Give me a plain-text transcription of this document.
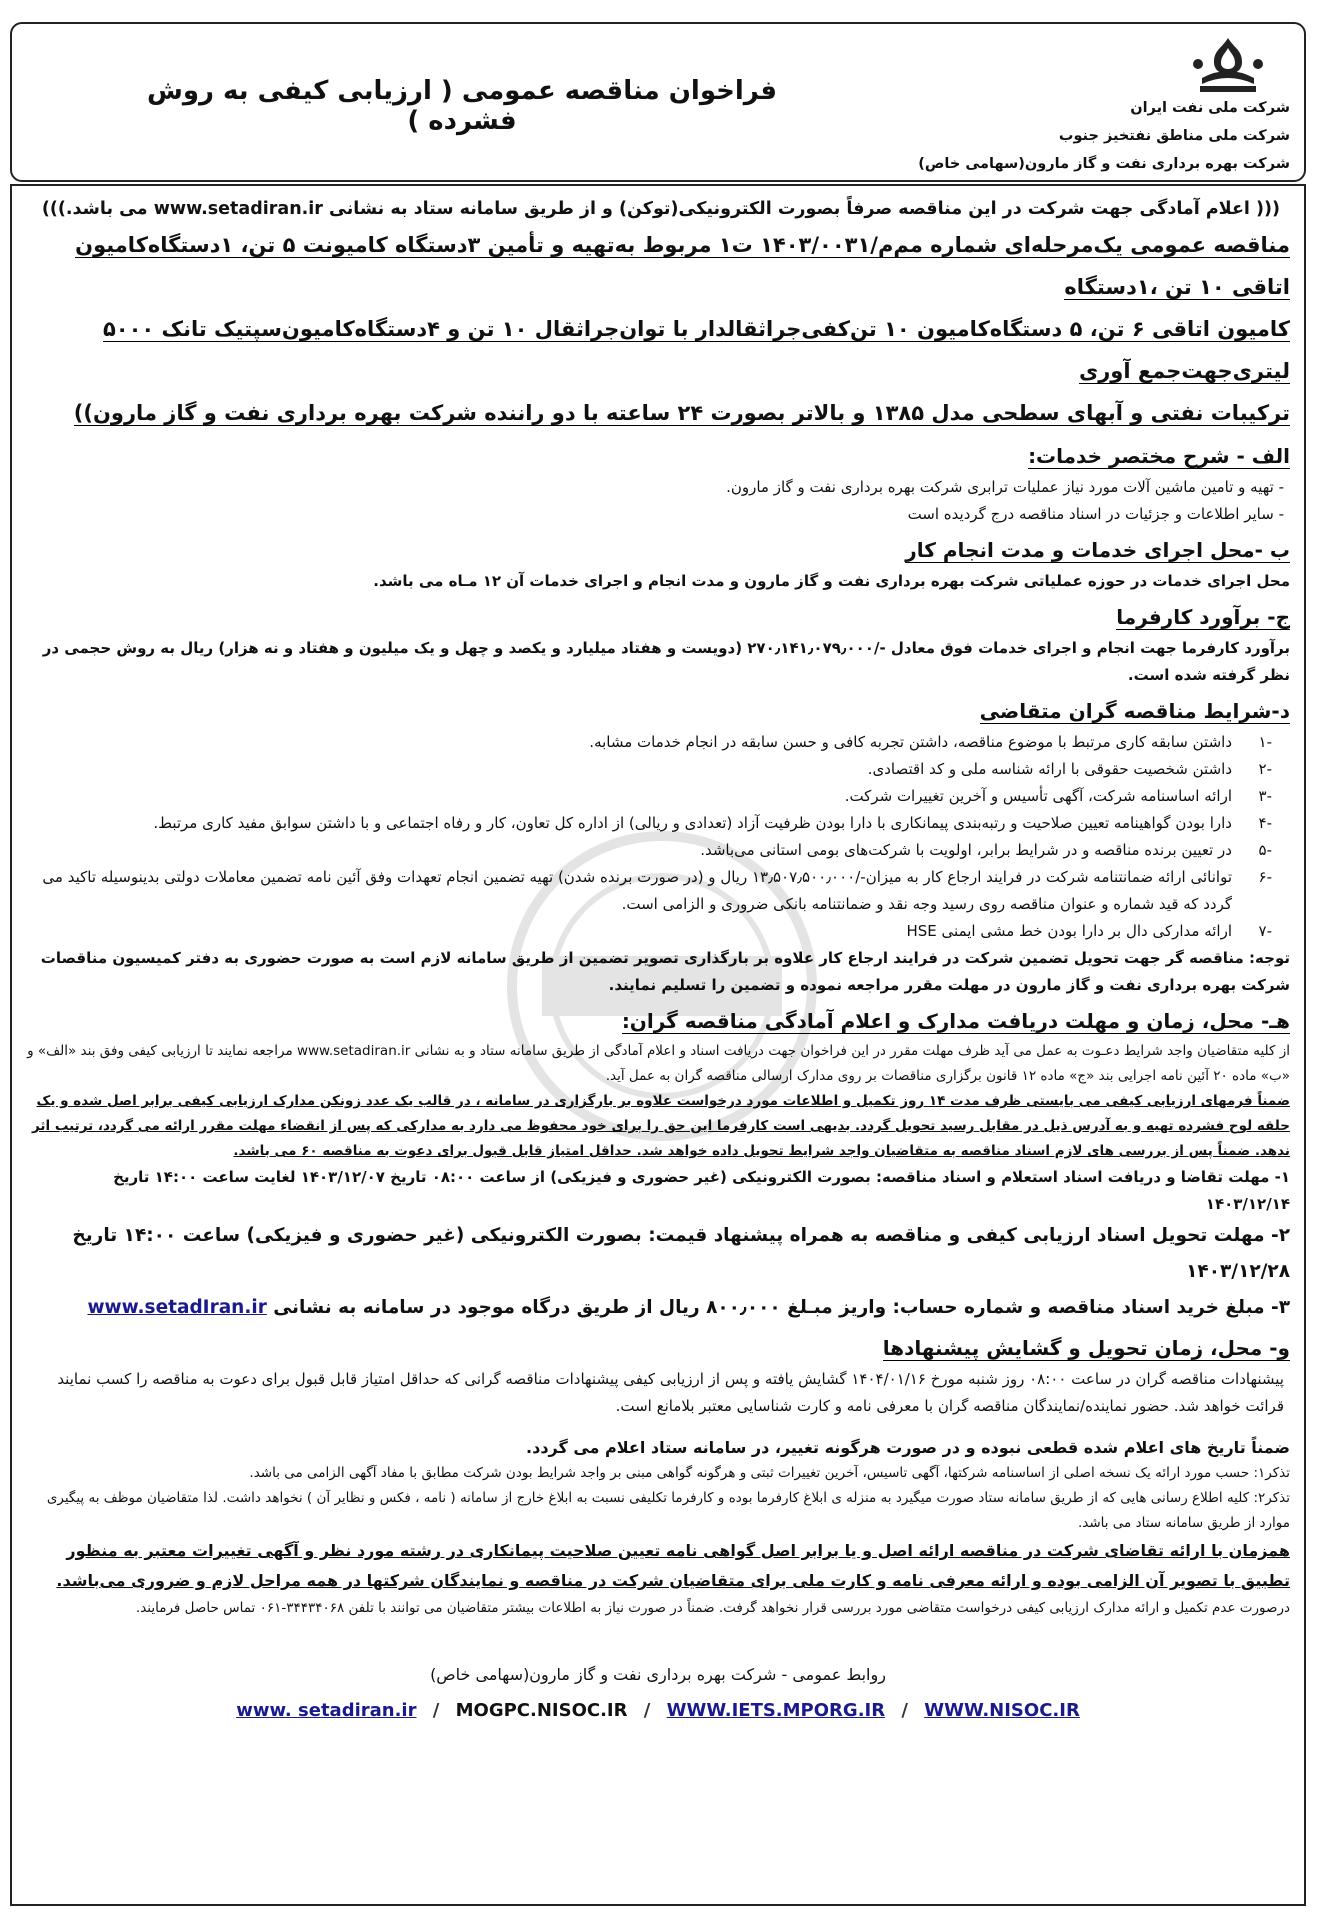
شرکت ملی نفت ایران
شرکت ملی مناطق نفتخیز جنوب
شرکت بهره برداری نفت و گاز مارون(سهامی خاص)
فراخوان مناقصه عمومی ( ارزیابی کیفی به روش فشرده )

((( اعلام آمادگی جهت شرکت در این مناقصه صرفاً بصورت الکترونیکی(توکن) و از طریق سامانه ستاد به نشانی www.setadiran.ir می باشد.)))

مناقصه عمومی یک‌مرحله‌ای شماره مم‌م/۱۴۰۳/۰۰۳۱ ت۱ مربوط به‌تهیه و تأمین ۳دستگاه کامیونت ۵ تن، ۱دستگاه‌کامیون اتاقی ۱۰ تن ،۱دستگاه

کامیون اتاقی ۶ تن، ۵ دستگاه‌کامیون ۱۰ تن‌کفی‌جراثقالدار با توان‌جراثقال ۱۰ تن و ۴دستگاه‌کامیون‌سپتیک تانک ۵۰۰۰ لیتری‌جهت‌جمع آوری

ترکیبات نفتی و آبهای سطحی مدل ۱۳۸۵ و بالاتر بصورت ۲۴ ساعته با دو راننده شرکت بهره برداری نفت و گاز مارون))

الف - شرح مختصر خدمات:

- تهیه و تامین ماشین آلات مورد نیاز عملیات ترابری شرکت بهره برداری نفت و گاز مارون.

- سایر اطلاعات و جزئیات در اسناد مناقصه درج گردیده است

ب -محل اجرای خدمات و مدت انجام کار

محل اجرای خدمات در حوزه عملیاتی شرکت بهره برداری نفت و گاز مارون و مدت انجام و اجرای خدمات آن ۱۲ مـاه می باشد.

ج- برآورد کارفرما

برآورد کارفرما جهت انجام و اجرای خدمات فوق معادل -/۲۷۰٫۱۴۱٫۰۷۹٫۰۰۰ (دویست و هفتاد میلیارد و یکصد و چهل و یک میلیون و هفتاد و نه هزار) ریال به روش حجمی در نظر گرفته شده است.

د-شرایط مناقصه گران متقاضی
-۱
داشتن سابقه کاری مرتبط با موضوع مناقصه، داشتن تجربه کافی و حسن سابقه در انجام خدمات مشابه.
-۲
داشتن شخصیت حقوقی با ارائه شناسه ملی و کد اقتصادی.
-۳
ارائه اساسنامه شرکت، آگهی تأسیس و آخرین تغییرات شرکت.
-۴
دارا بودن گواهینامه تعیین صلاحیت و رتبه‌بندی پیمانکاری با دارا بودن ظرفیت آزاد (تعدادی و ریالی) از اداره کل تعاون، کار و رفاه اجتماعی و با داشتن سوابق مفید کاری مرتبط.
-۵
در تعیین برنده مناقصه و در شرایط برابر، اولویت با شرکت‌های بومی استانی می‌باشد.
-۶
توانائی ارائه ضمانتنامه شرکت در فرایند ارجاع کار به میزان-/۱۳٫۵۰۷٫۵۰۰٫۰۰۰ ریال و (در صورت برنده شدن) تهیه تضمین انجام تعهدات وفق آئین نامه تضمین معاملات دولتی بدینوسیله تاکید می گردد که قید شماره و عنوان مناقصه روی رسید وجه نقد و ضمانتنامه بانکی ضروری و الزامی است.
-۷
ارائه مدارکی دال بر دارا بودن خط مشی ایمنی HSE

توجه: مناقصه گر جهت تحویل تضمین شرکت در فرایند ارجاع کار علاوه بر بارگذاری تصویر تضمین از طریق سامانه لازم است به صورت حضوری به دفتر کمیسیون مناقصات شرکت بهره برداری نفت و گاز مارون در مهلت مقرر مراجعه نموده و تضمین را تسلیم نمایند.

هـ- محل، زمان و مهلت دریافت مدارک و اعلام آمادگی مناقصه گران:

از کلیه متقاضیان واجد شرایط دعـوت به عمل می آید ظرف مهلت مقرر در این فراخوان جهت دریافت اسناد و اعلام آمادگی از طریق سامانه ستاد و به نشانی www.setadiran.ir مراجعه نمایند تا ارزیابی کیفی وفق بند «الف» و «ب» ماده ۲۰ آئین نامه اجرایی بند «ج» ماده ۱۲ قانون برگزاری مناقصات بر روی مدارک ارسالی مناقصه گران به عمل آید.

ضمناً فرمهای ارزیابی کیفی می بایستی ظرف مدت ۱۴ روز تکمیل و اطلاعات مورد درخواست علاوه بر بارگزاری در سامانه ، در قالب یک عدد زونکن مدارک ارزیابی کیفی برابر اصل شده و یک حلقه لوح فشرده تهیه و به آدرس ذیل در مقابل رسید تحویل گردد. بدیهی است کارفرما این حق را برای خود محفوظ می دارد به مدارکی که پس از انقضاء مهلت مقرر ارائه می گردد، ترتیب اثر ندهد. ضمناً پس از بررسی های لازم اسناد مناقصه به متقاضیان واجد شرایط تحویل داده خواهد شد. حداقل امتیاز قابل قبول برای دعوت به مناقصه ۶۰ می باشد.

۱- مهلت تقاضا و دریافت اسناد استعلام و اسناد مناقصه: بصورت الکترونیکی (غیر حضوری و فیزیکی) از ساعت ۰۸:۰۰ تاریخ ۱۴۰۳/۱۲/۰۷ لغایت ساعت ۱۴:۰۰ تاریخ ۱۴۰۳/۱۲/۱۴

۲- مهلت تحویل اسناد ارزیابی کیفی و مناقصه به همراه پیشنهاد قیمت: بصورت الکترونیکی (غیر حضوری و فیزیکی) ساعت ۱۴:۰۰ تاریخ ۱۴۰۳/۱۲/۲۸

۳- مبلغ خرید اسناد مناقصه و شماره حساب: واریز مبـلغ ۸۰۰٫۰۰۰ ریال از طریق درگاه موجود در سامانه به نشانی www.setadIran.ir

و- محل، زمان تحویل و گشایش پیشنهادها

پیشنهادات مناقصه گران در ساعت ۰۸:۰۰ روز شنبه مورخ ۱۴۰۴/۰۱/۱۶ گشایش یافته و پس از ارزیابی کیفی پیشنهادات مناقصه گرانی که حداقل امتیاز قابل قبول برای دعوت به مناقصه را کسب نمایند قرائت خواهد شد. حضور نماینده/نمایندگان مناقصه گران با معرفی نامه و کارت شناسایی معتبر بلامانع است.

ضمناً تاریخ های اعلام شده قطعی نبوده و در صورت هرگونه تغییر، در سامانه ستاد اعلام می گردد.

تذکر۱: حسب مورد ارائه یک نسخه اصلی از اساسنامه شرکتها، آگهی تاسیس، آخرین تغییرات ثبتی و هرگونه گواهی مبنی بر واجد شرایط بودن شرکت مطابق با مفاد آگهی الزامی می باشد.

تذکر۲: کلیه اطلاع رسانی هایی که از طریق سامانه ستاد صورت میگیرد به منزله ی ابلاغ کارفرما بوده و کارفرما تکلیفی نسبت به ابلاغ خارج از سامانه ( نامه ، فکس و نظایر آن ) نخواهد داشت. لذا متقاضیان موظف به پیگیری موارد از طریق سامانه ستاد می باشد.

همزمان با ارائه تقاضای شرکت در مناقصه ارائه اصل و یا برابر اصل گواهی نامه تعیین صلاحیت پیمانکاری در رشته مورد نظر و آگهی تغییرات معتبر به منظور تطبیق با تصویر آن الزامی بوده و ارائه معرفی نامه و کارت ملی برای متقاضیان شرکت در مناقصه و نمایندگان شرکتها در همه مراحل لازم و ضروری می‌باشد.

درصورت عدم تکمیل و ارائه مدارک ارزیابی کیفی درخواست متقاضی مورد بررسی قرار نخواهد گرفت. ضمناً در صورت نیاز به اطلاعات بیشتر متقاضیان می توانند با تلفن ۳۴۴۳۴۰۶۸-۰۶۱ تماس حاصل فرمایند.

روابط عمومی - شرکت بهره برداری نفت و گاز مارون(سهامی خاص)
www. setadiran.ir / MOGPC.NISOC.IR / WWW.IETS.MPORG.IR / WWW.NISOC.IR
